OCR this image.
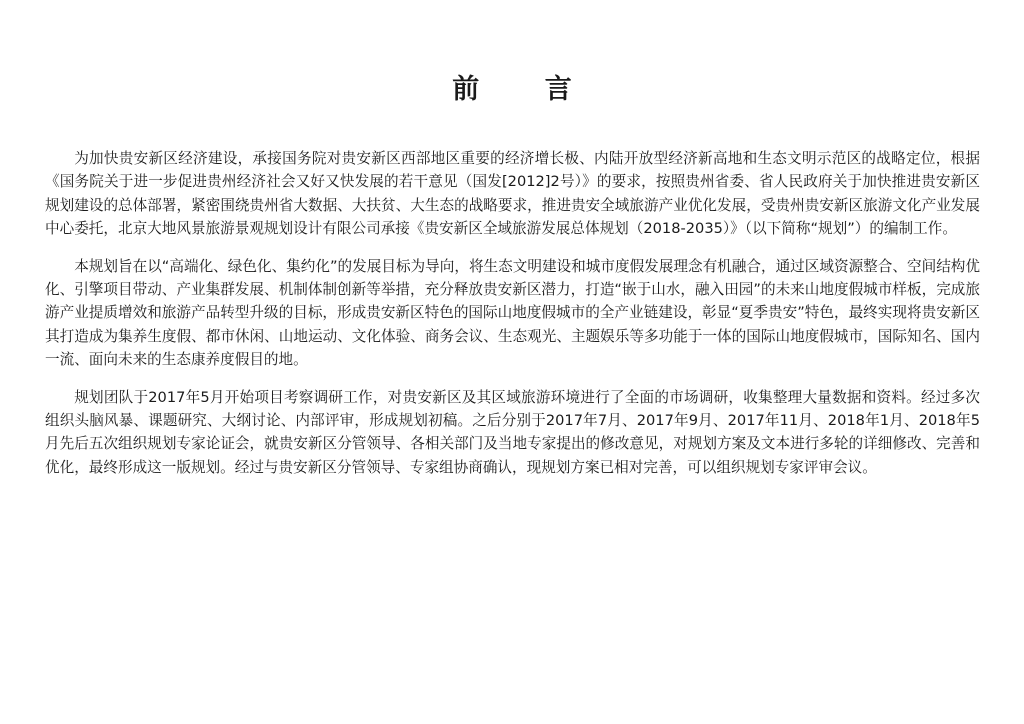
前 言

为加快贵安新区经济建设，承接国务院对贵安新区西部地区重要的经济增长极、内陆开放型经济新高地和生态文明示范区的战略定位，根据《国务院关于进一步促进贵州经济社会又好又快发展的若干意见（国发[2012]2号）》的要求，按照贵州省委、省人民政府关于加快推进贵安新区规划建设的总体部署，紧密围绕贵州省大数据、大扶贫、大生态的战略要求，推进贵安全域旅游产业优化发展，受贵州贵安新区旅游文化产业发展中心委托，北京大地风景旅游景观规划设计有限公司承接《贵安新区全域旅游发展总体规划（2018-2035）》（以下简称“规划”）的编制工作。

本规划旨在以“高端化、绿色化、集约化”的发展目标为导向，将生态文明建设和城市度假发展理念有机融合，通过区域资源整合、空间结构优化、引擎项目带动、产业集群发展、机制体制创新等举措，充分释放贵安新区潜力，打造“嵌于山水，融入田园”的未来山地度假城市样板，完成旅游产业提质增效和旅游产品转型升级的目标，形成贵安新区特色的国际山地度假城市的全产业链建设，彰显“夏季贵安”特色，最终实现将贵安新区其打造成为集养生度假、都市休闲、山地运动、文化体验、商务会议、生态观光、主题娱乐等多功能于一体的国际山地度假城市，国际知名、国内一流、面向未来的生态康养度假目的地。

规划团队于2017年5月开始项目考察调研工作，对贵安新区及其区域旅游环境进行了全面的市场调研，收集整理大量数据和资料。经过多次组织头脑风暴、课题研究、大纲讨论、内部评审，形成规划初稿。之后分别于2017年7月、2017年9月、2017年11月、2018年1月、2018年5月先后五次组织规划专家论证会，就贵安新区分管领导、各相关部门及当地专家提出的修改意见，对规划方案及文本进行多轮的详细修改、完善和优化，最终形成这一版规划。经过与贵安新区分管领导、专家组协商确认，现规划方案已相对完善，可以组织规划专家评审会议。
